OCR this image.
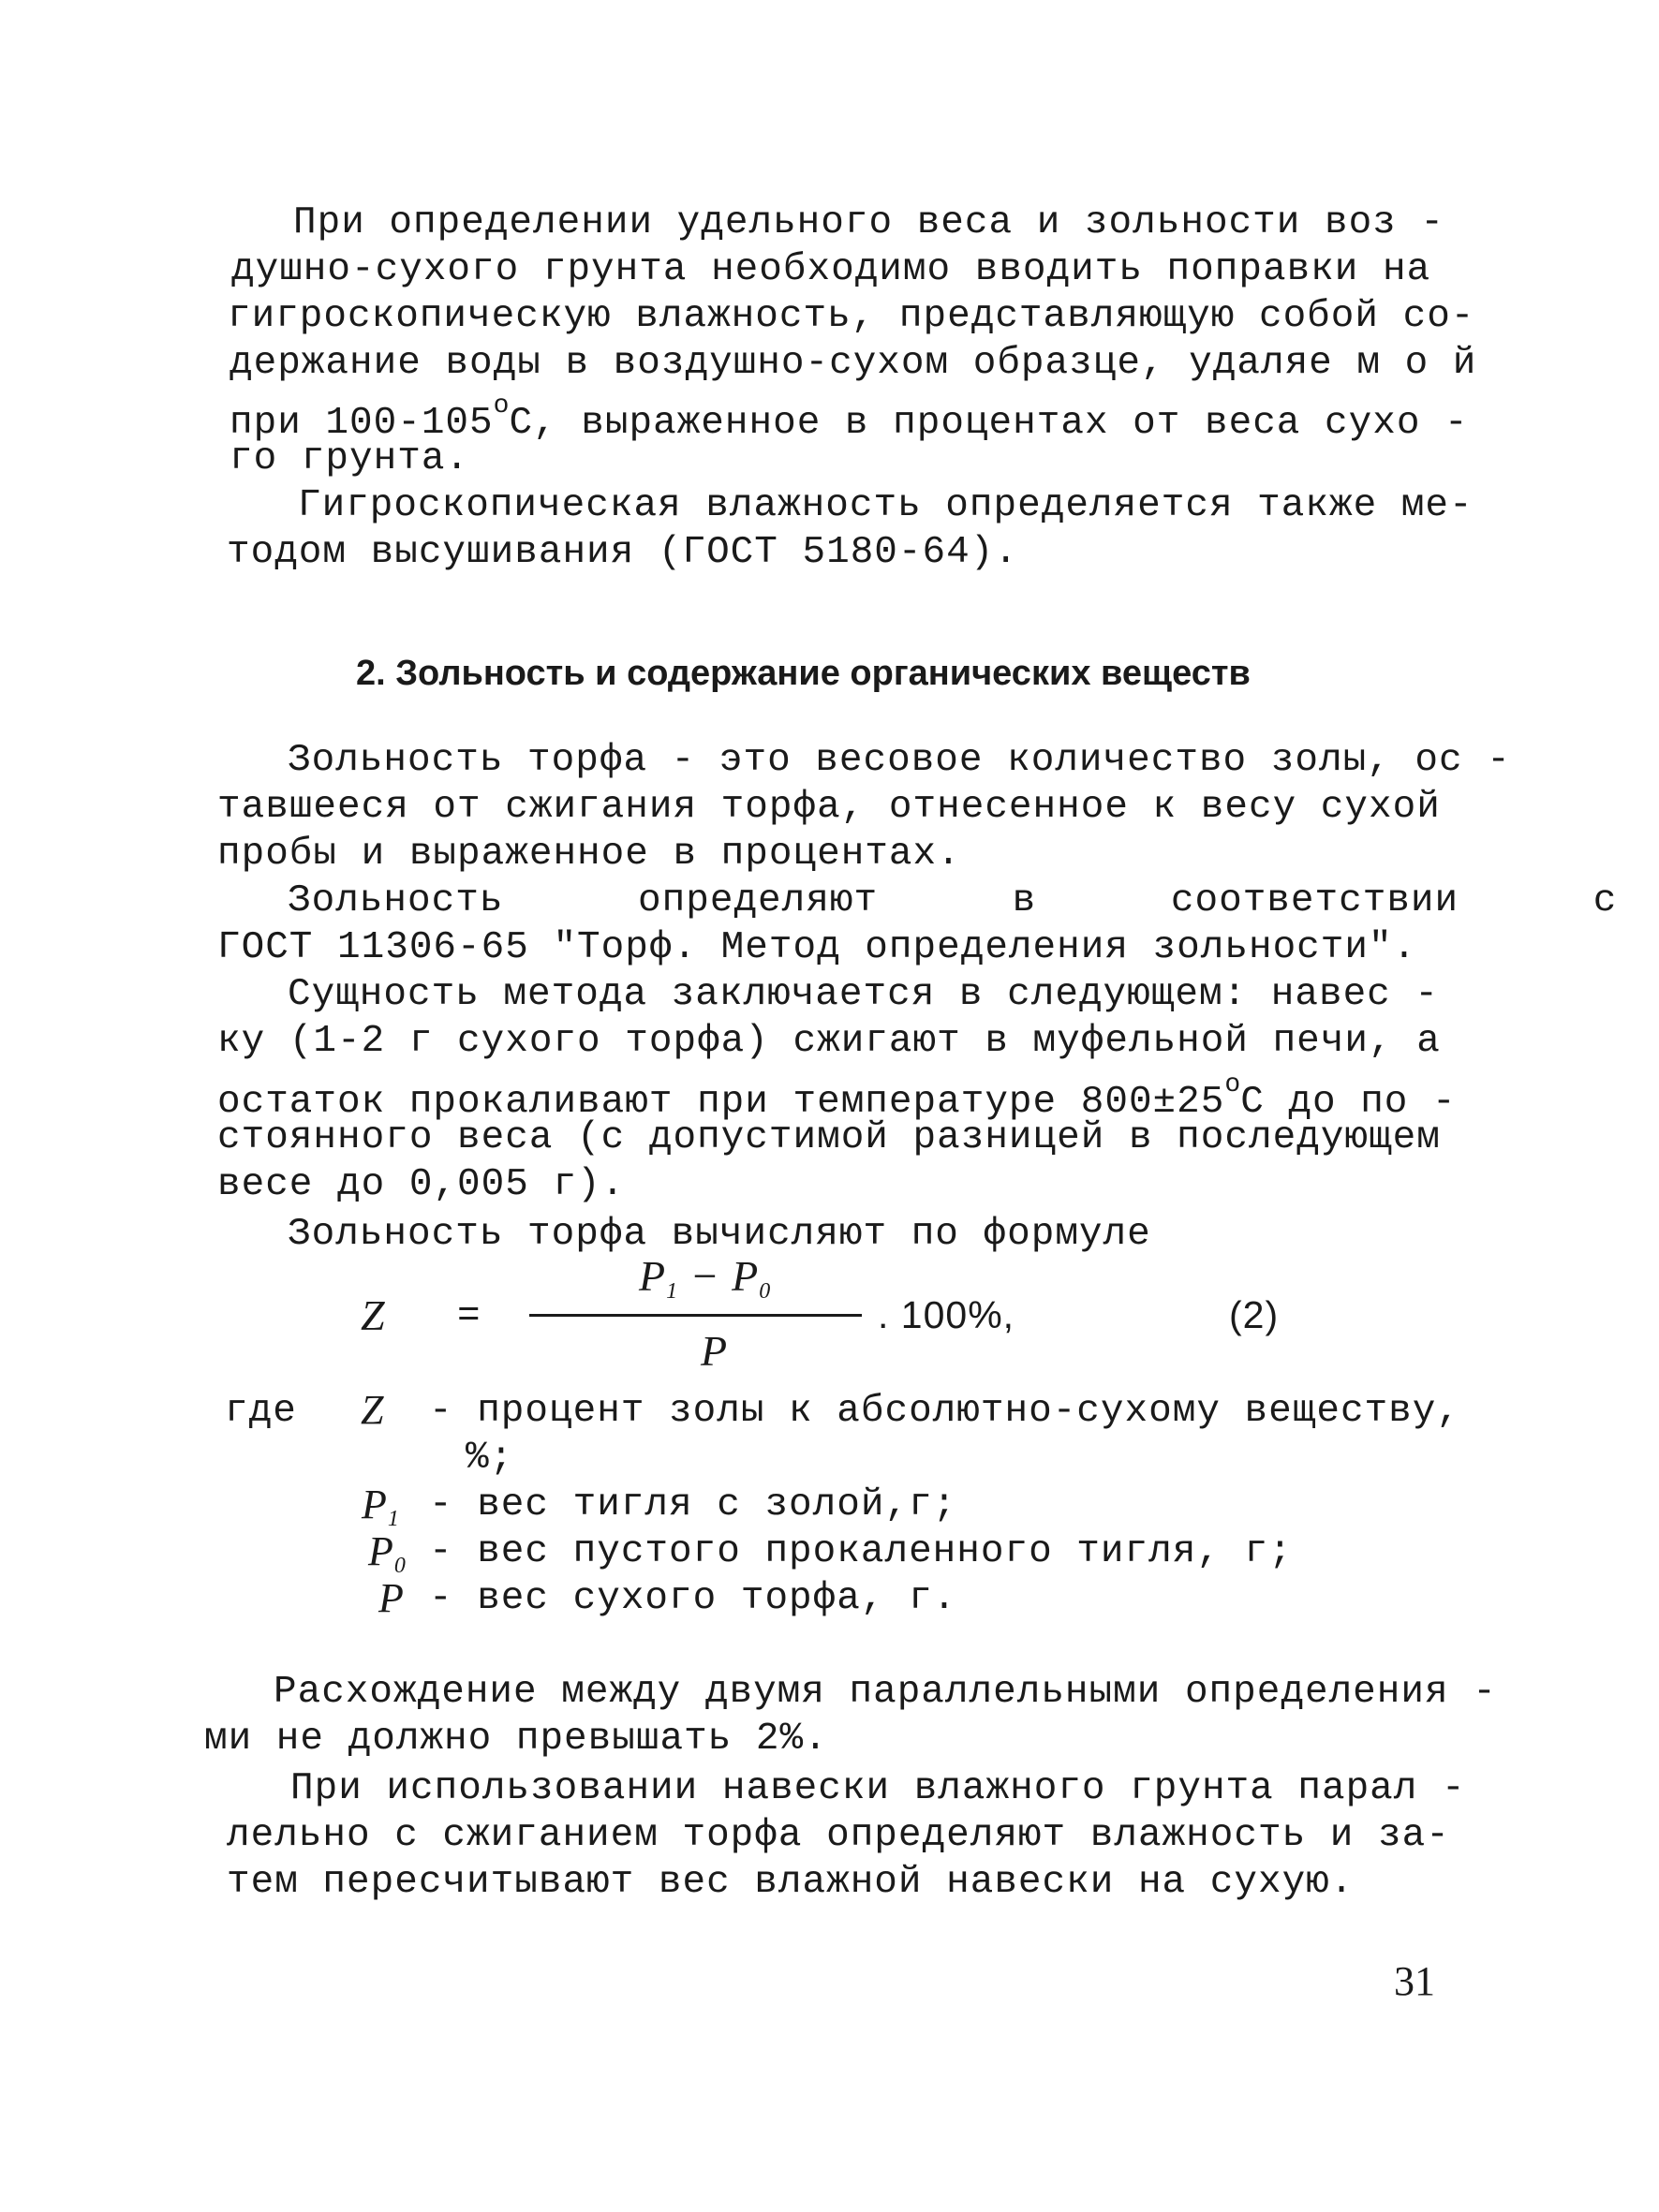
При определении удельного веса и зольности воз -
душно-сухого грунта необходимо вводить поправки на
гигроскопическую влажность, представляющую собой со-
держание воды в воздушно-сухом образце, удаляе м о й
при $100-105^оС$, выраженное в процентах от веса сухо -
го грунта.
Гигроскопическая влажность определяется также ме-
тодом высушивания (ГОСТ 5180-64).
2. Зольность и содержание органических веществ
Зольность торфа - это весовое количество золы, ос -
тавшееся от сжигания торфа, отнесенное к весу сухой
пробы и выраженное в процентах.
Зольность определяют в соответствии с
ГОСТ 11306-65 "Торф. Метод определения зольности".
Сущность метода заключается в следующем: навес -
ку (1-2 г сухого торфа) сжигают в муфельной печи, а
остаток прокаливают при температуре $800\pm 25^оС$ до по -
стоянного веса (с допустимой разницей в последующем
весе до 0,005 г).
Зольность торфа вычисляют по формуле
Z =
$P_1 - P_0$
P
. 100%,	(2)
где Z - процент золы к абсолютно-сухому веществу,
%;
$P_1$ - вес тигля с золой,г;
$P_0$ - вес пустого прокаленного тигля, г;
P - вес сухого торфа, г.
Расхождение между двумя параллельными определения -
ми не должно превышать 2%.
При использовании навески влажного грунта парал -
лельно с сжиганием торфа определяют влажность и за-
тем пересчитывают вес влажной навески на сухую.
31
